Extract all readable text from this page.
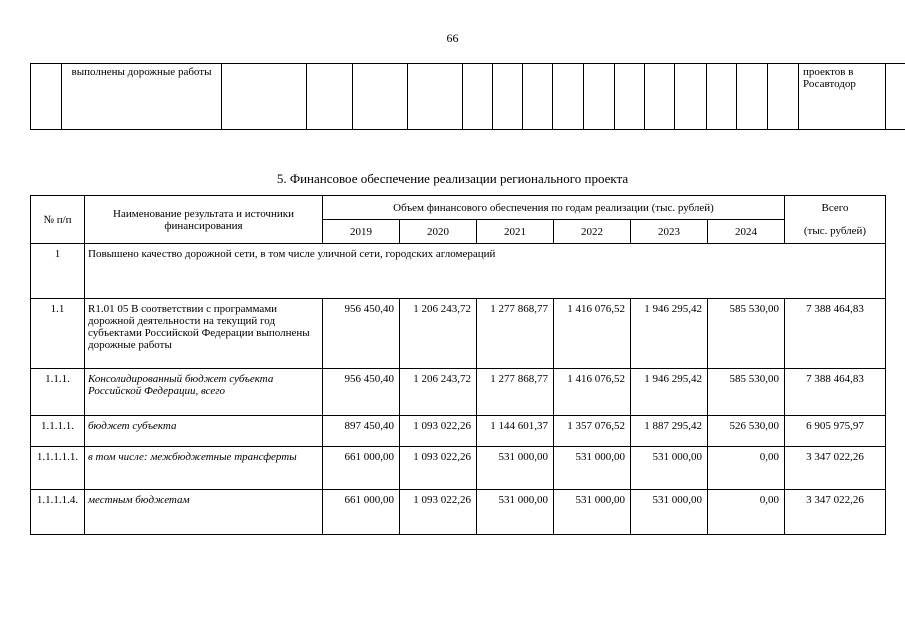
66
	выполнены дорожные работы																проектов в Росавтодор	
5. Финансовое обеспечение реализации регионального проекта
№ п/п	Наименование результата и источники финансирования	Объем финансового обеспечения по годам реализации (тыс. рублей)						Всего
		2019	2020	2021	2022	2023	2024	(тыс. рублей)
1	Повышено качество дорожной сети, в том числе уличной сети, городских агломераций							
1.1	R1.01 05 В соответствии с программами дорожной деятельности на текущий год субъектами Российской Федерации выполнены дорожные работы	956 450,40	1 206 243,72	1 277 868,77	1 416 076,52	1 946 295,42	585 530,00	7 388 464,83
1.1.1.	Консолидированный бюджет субъекта Российской Федерации, всего	956 450,40	1 206 243,72	1 277 868,77	1 416 076,52	1 946 295,42	585 530,00	7 388 464,83
1.1.1.1.	бюджет субъекта	897 450,40	1 093 022,26	1 144 601,37	1 357 076,52	1 887 295,42	526 530,00	6 905 975,97
1.1.1.1.1.	в том числе: межбюджетные трансферты	661 000,00	1 093 022,26	531 000,00	531 000,00	531 000,00	0,00	3 347 022,26
1.1.1.1.4.	местным бюджетам	661 000,00	1 093 022,26	531 000,00	531 000,00	531 000,00	0,00	3 347 022,26
